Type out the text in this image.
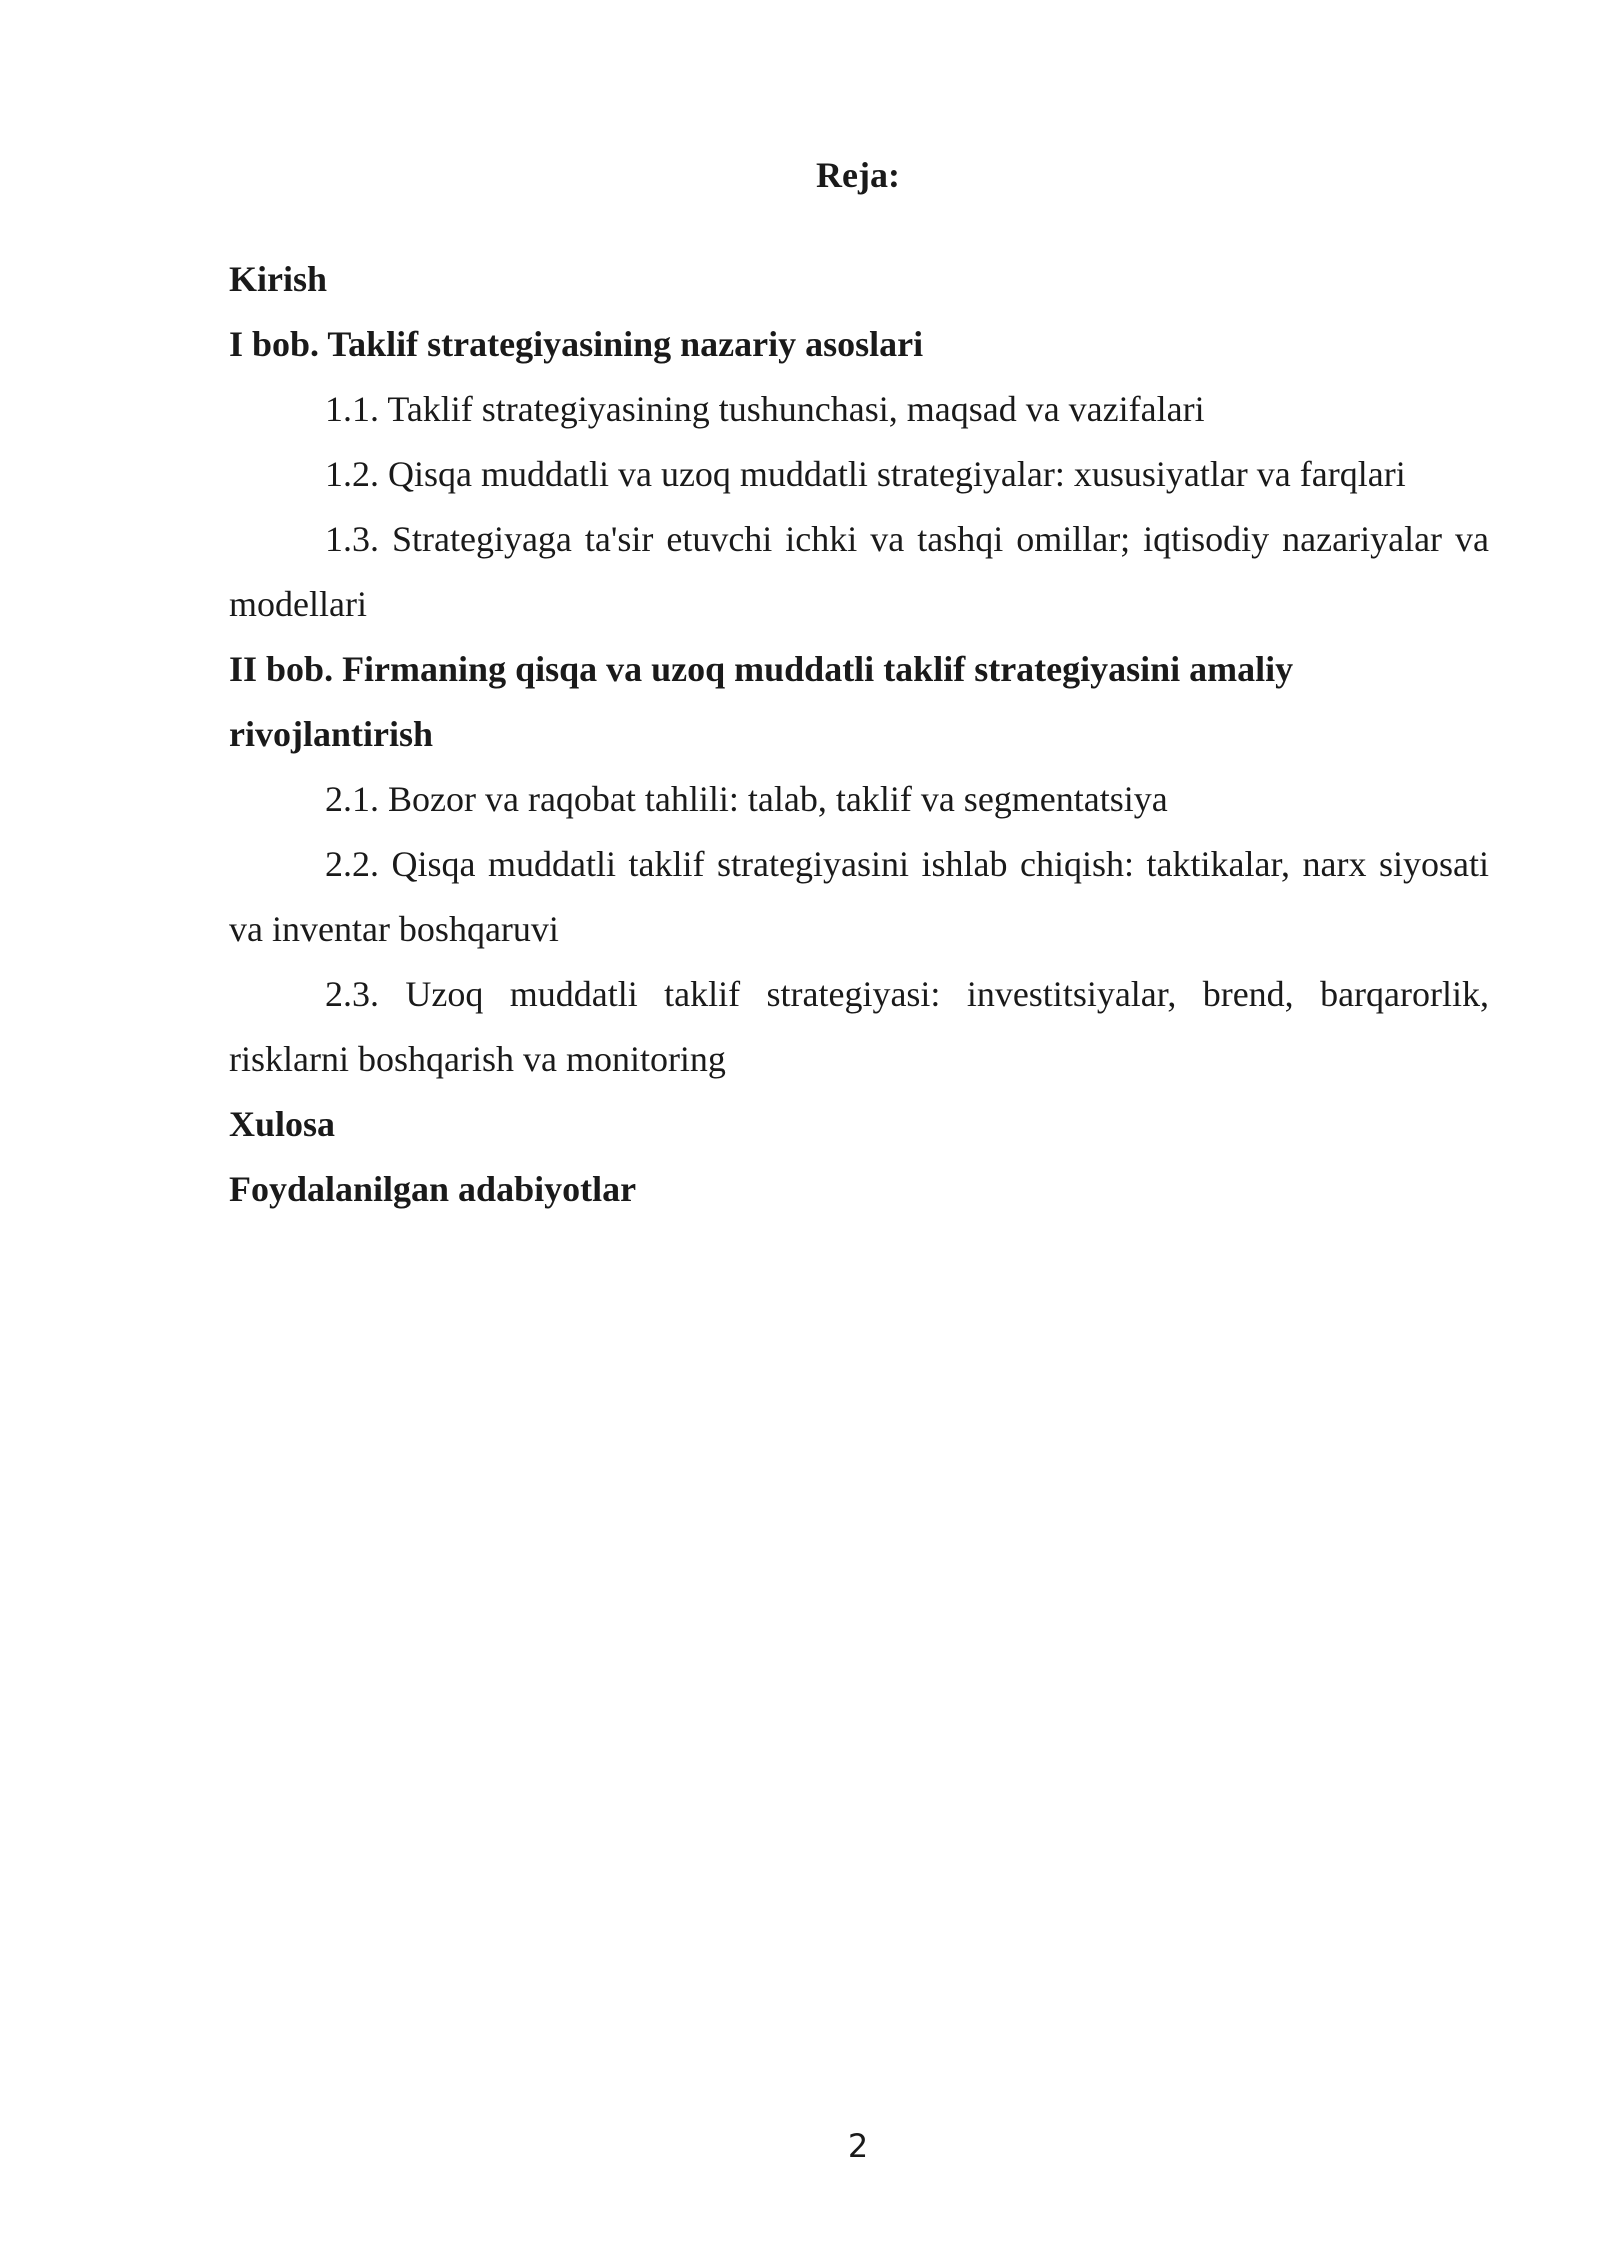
Reja:

Kirish

I bob. Taklif strategiyasining nazariy asoslari

1.1. Taklif strategiyasining tushunchasi, maqsad va vazifalari

1.2. Qisqa muddatli va uzoq muddatli strategiyalar: xususiyatlar va farqlari

1.3. Strategiyaga ta'sir etuvchi ichki va tashqi omillar; iqtisodiy nazariyalar va modellari

II bob. Firmaning qisqa va uzoq muddatli taklif strategiyasini amaliy rivojlantirish

2.1. Bozor va raqobat tahlili: talab, taklif va segmentatsiya

2.2. Qisqa muddatli taklif strategiyasini ishlab chiqish: taktikalar, narx siyosati va inventar boshqaruvi

2.3. Uzoq muddatli taklif strategiyasi: investitsiyalar, brend, barqarorlik, risklarni boshqarish va monitoring

Xulosa

Foydalanilgan adabiyotlar

2
